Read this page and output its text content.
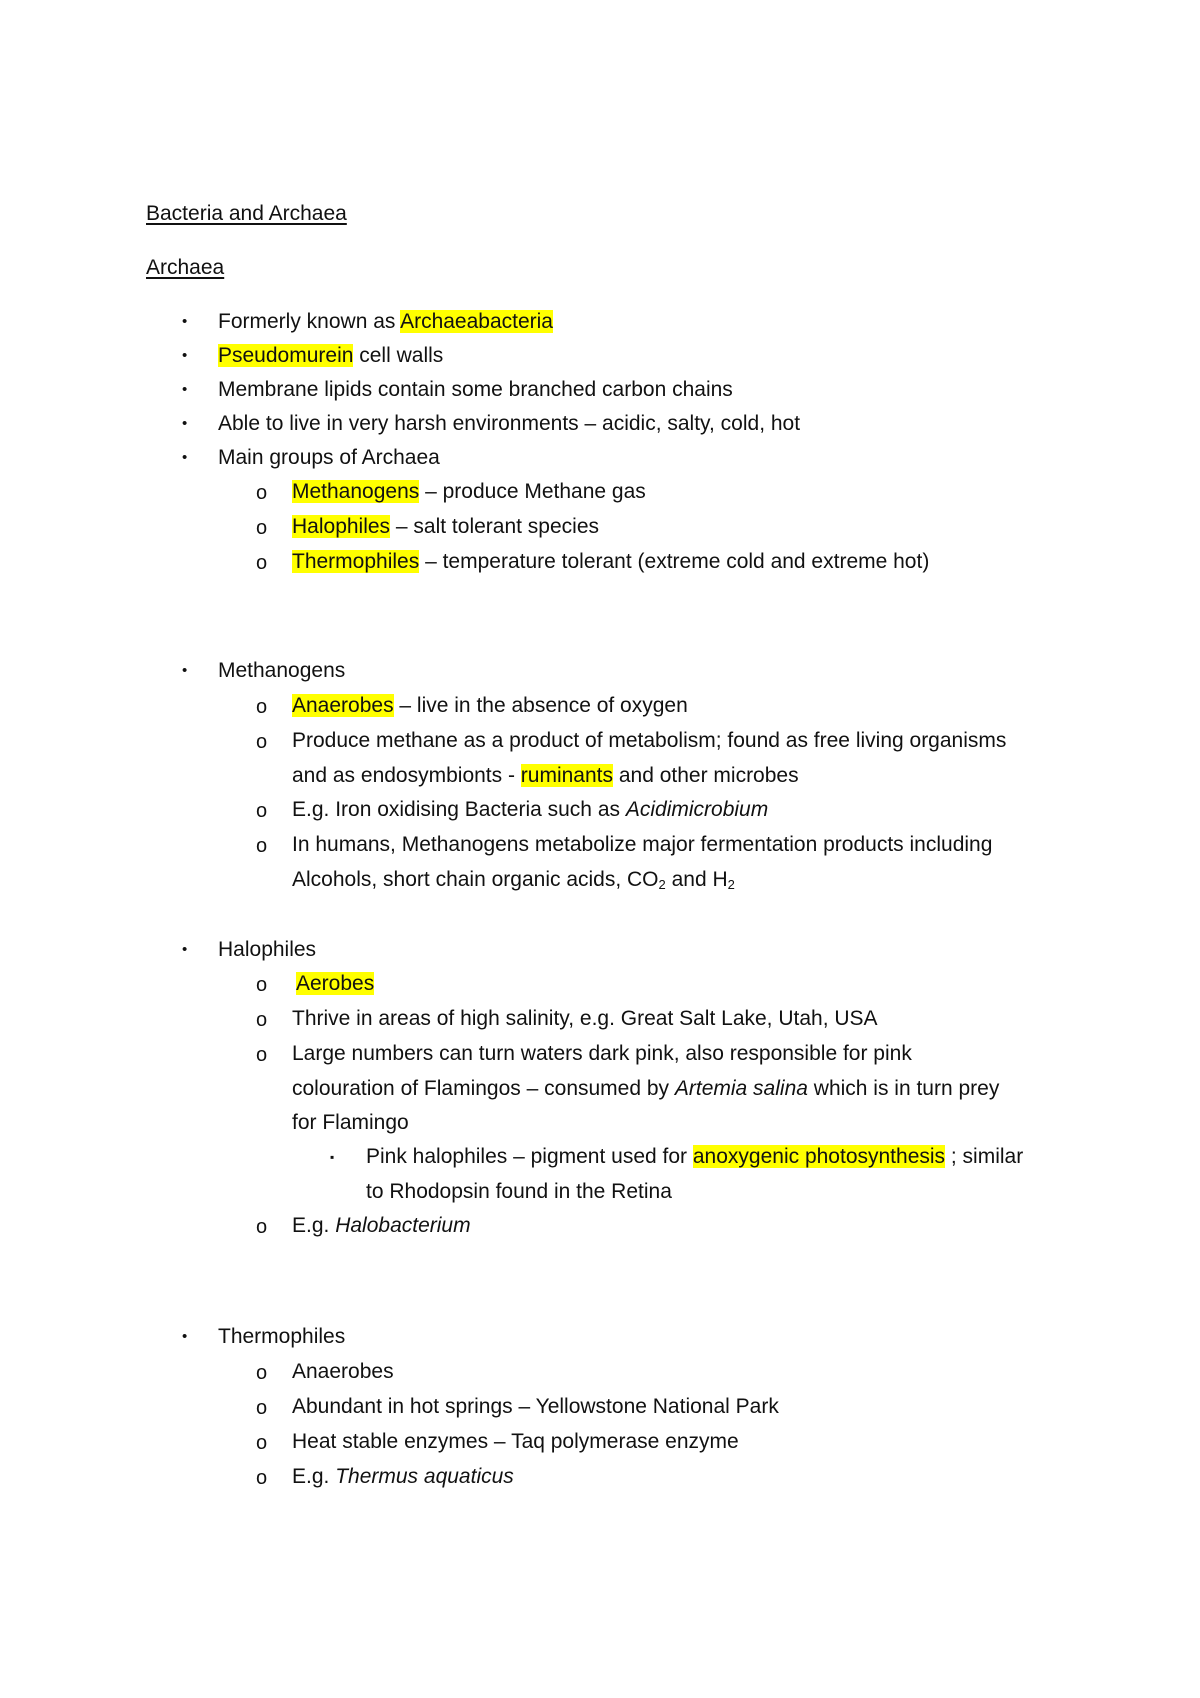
Bacteria and Archaea
Archaea
• Formerly known as Archaeabacteria
• Pseudomurein cell walls
• Membrane lipids contain some branched carbon chains
• Able to live in very harsh environments – acidic, salty, cold, hot
• Main groups of Archaea
o Methanogens – produce Methane gas
o Halophiles – salt tolerant species
o Thermophiles – temperature tolerant (extreme cold and extreme hot)
• Methanogens
o Anaerobes – live in the absence of oxygen
o Produce methane as a product of metabolism; found as free living organisms
and as endosymbionts - ruminants and other microbes
o E.g. Iron oxidising Bacteria such as Acidimicrobium
o In humans, Methanogens metabolize major fermentation products including
Alcohols, short chain organic acids, $CO_2$ and $H_2$
• Halophiles
o Aerobes
o Thrive in areas of high salinity, e.g. Great Salt Lake, Utah, USA
o Large numbers can turn waters dark pink, also responsible for pink
colouration of Flamingos – consumed by Artemia salina which is in turn prey
for Flamingo
▪ Pink halophiles – pigment used for anoxygenic photosynthesis ; similar
to Rhodopsin found in the Retina
o E.g. Halobacterium
• Thermophiles
o Anaerobes
o Abundant in hot springs – Yellowstone National Park
o Heat stable enzymes – Taq polymerase enzyme
o E.g. Thermus aquaticus
